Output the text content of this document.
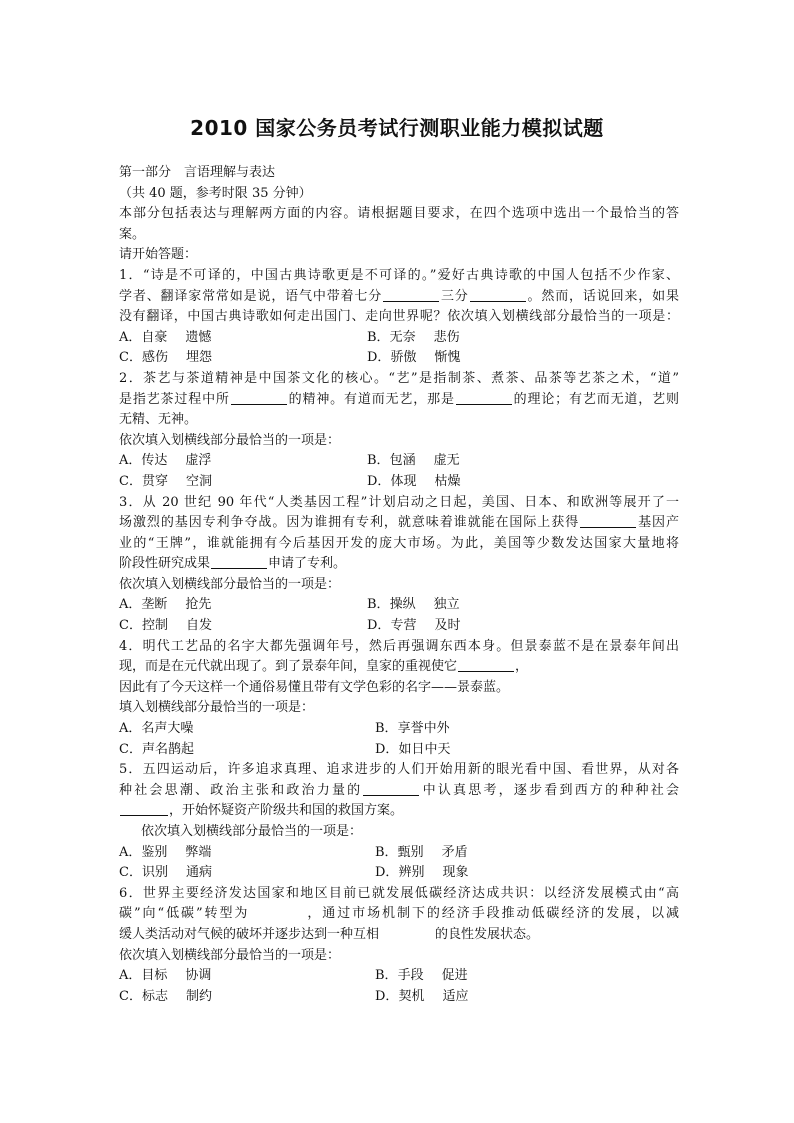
2010 国家公务员考试行测职业能力模拟试题
第一部分　言语理解与表达
（共 40 题，参考时限 35 分钟）
本部分包括表达与理解两方面的内容。请根据题目要求，在四个选项中选出一个最恰当的答
案。
请开始答题：
1．“诗是不可译的，中国古典诗歌更是不可译的。”爱好古典诗歌的中国人包括不少作家、
学者、翻译家常常如是说，语气中带着七分	三分	。然而，话说回来，如果
没有翻译，中国古典诗歌如何走出国门、走向世界呢？依次填入划横线部分最恰当的一项是：
A．自豪 遗憾	B．无奈 悲伤
C．感伤 埋怨	D．骄傲 惭愧
2．茶艺与茶道精神是中国茶文化的核心。“艺”是指制茶、煮茶、品茶等艺茶之术，“道”
是指艺茶过程中所	的精神。有道而无艺，那是	的理论；有艺而无道，艺则
无精、无神。
依次填入划横线部分最恰当的一项是：
A．传达 虚浮	B．包涵 虚无
C．贯穿 空洞	D．体现 枯燥
3．从 20 世纪 90 年代“人类基因工程”计划启动之日起，美国、日本、和欧洲等展开了一
场激烈的基因专利争夺战。因为谁拥有专利，就意味着谁就能在国际上获得	基因产
业的“王牌”，谁就能拥有今后基因开发的庞大市场。为此，美国等少数发达国家大量地将
阶段性研究成果	申请了专利。
依次填入划横线部分最恰当的一项是：
A．垄断 抢先	B．操纵 独立
C．控制 自发	D．专营 及时
4．明代工艺品的名字大都先强调年号，然后再强调东西本身。但景泰蓝不是在景泰年间出
现，而是在元代就出现了。到了景泰年间，皇家的重视使它	，
因此有了今天这样一个通俗易懂且带有文学色彩的名字——景泰蓝。
填入划横线部分最恰当的一项是：
A．名声大噪	B．享誉中外
C．声名鹊起	D．如日中天
5．五四运动后，许多追求真理、追求进步的人们开始用新的眼光看中国、看世界，从对各
种社会思潮、政治主张和政治力量的	中认真思考，逐步看到西方的种种社会
，开始怀疑资产阶级共和国的救国方案。
依次填入划横线部分最恰当的一项是：
A．鉴别 弊端	B．甄别 矛盾
C．识别 通病	D．辨别 现象
6．世界主要经济发达国家和地区目前已就发展低碳经济达成共识：以经济发展模式由“高
碳”向“低碳”转型为	，通过市场机制下的经济手段推动低碳经济的发展，以减
缓人类活动对气候的破坏并逐步达到一种互相	的良性发展状态。
依次填入划横线部分最恰当的一项是：
A．目标 协调	B．手段 促进
C．标志 制约	D．契机 适应
